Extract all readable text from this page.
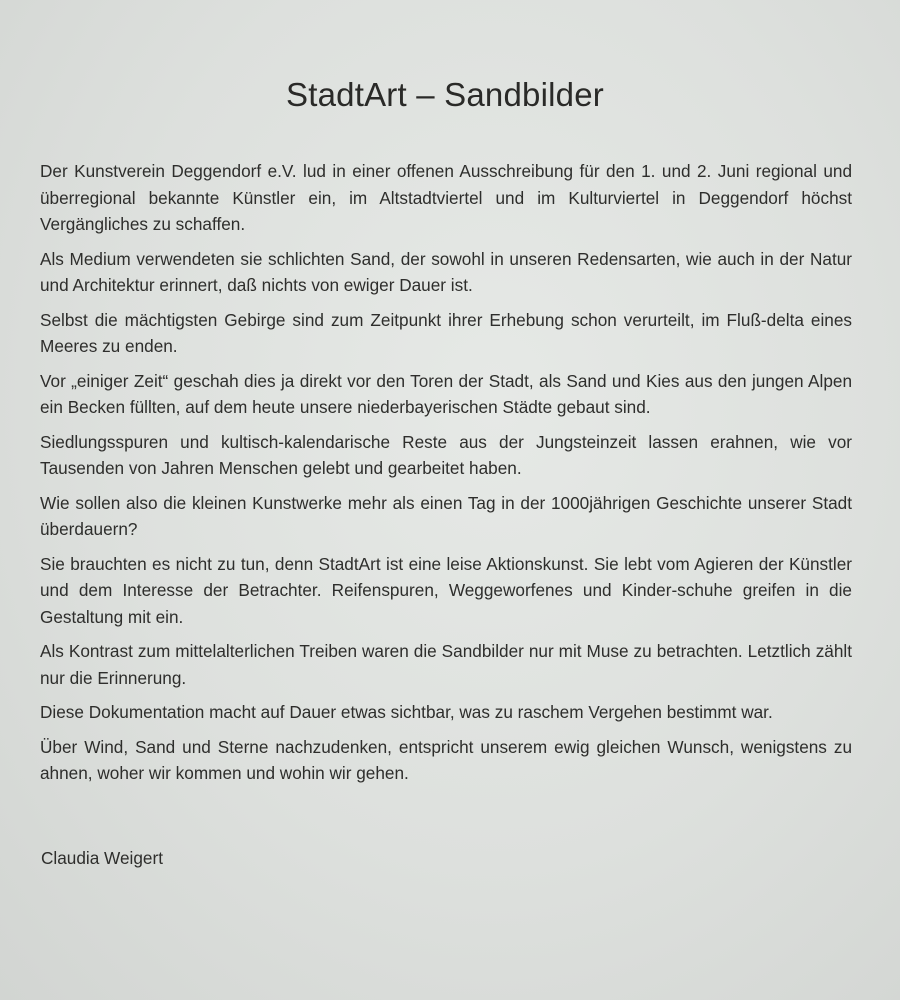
StadtArt – Sandbilder

Der Kunstverein Deggendorf e.V. lud in einer offenen Ausschreibung für den 1. und 2. Juni regional und überregional bekannte Künstler ein, im Altstadtviertel und im Kulturviertel in Deggendorf höchst Vergängliches zu schaffen.

Als Medium verwendeten sie schlichten Sand, der sowohl in unseren Redensarten, wie auch in der Natur und Architektur erinnert, daß nichts von ewiger Dauer ist.

Selbst die mächtigsten Gebirge sind zum Zeitpunkt ihrer Erhebung schon verurteilt, im Fluß-delta eines Meeres zu enden.

Vor „einiger Zeit“ geschah dies ja direkt vor den Toren der Stadt, als Sand und Kies aus den jungen Alpen ein Becken füllten, auf dem heute unsere niederbayerischen Städte gebaut sind.

Siedlungsspuren und kultisch-kalendarische Reste aus der Jungsteinzeit lassen erahnen, wie vor Tausenden von Jahren Menschen gelebt und gearbeitet haben.

Wie sollen also die kleinen Kunstwerke mehr als einen Tag in der 1000jährigen Geschichte unserer Stadt überdauern?

Sie brauchten es nicht zu tun, denn StadtArt ist eine leise Aktionskunst. Sie lebt vom Agieren der Künstler und dem Interesse der Betrachter. Reifenspuren, Weggeworfenes und Kinder-schuhe greifen in die Gestaltung mit ein.

Als Kontrast zum mittelalterlichen Treiben waren die Sandbilder nur mit Muse zu betrachten. Letztlich zählt nur die Erinnerung.

Diese Dokumentation macht auf Dauer etwas sichtbar, was zu raschem Vergehen bestimmt war.

Über Wind, Sand und Sterne nachzudenken, entspricht unserem ewig gleichen Wunsch, wenigstens zu ahnen, woher wir kommen und wohin wir gehen.

Claudia Weigert
